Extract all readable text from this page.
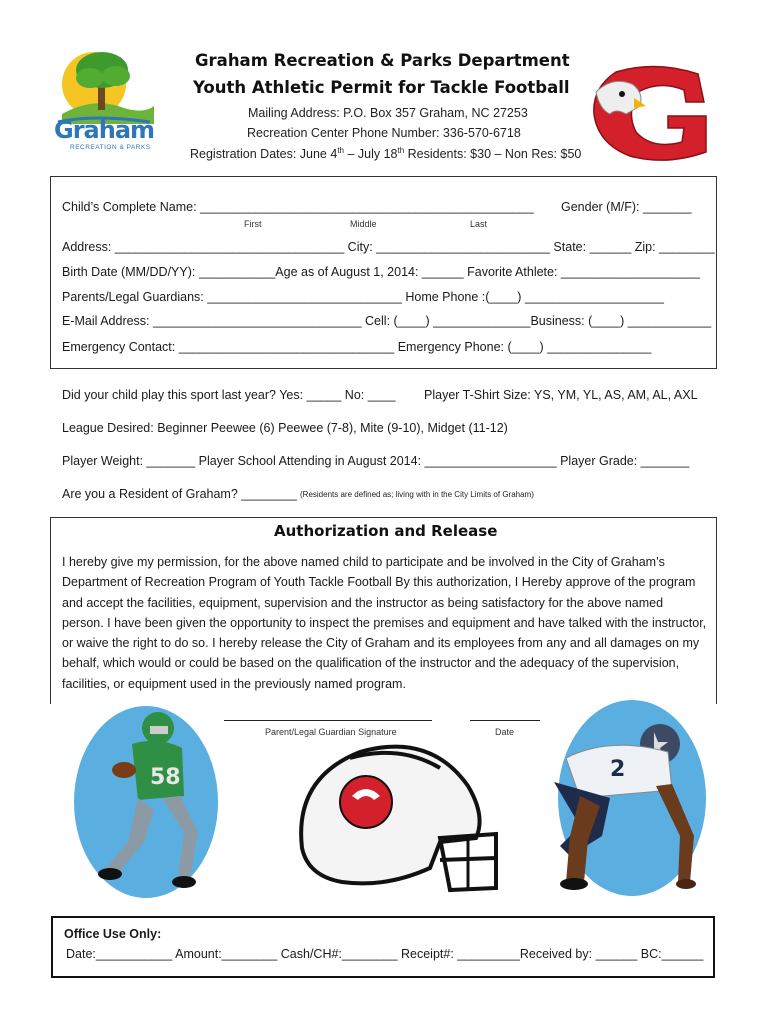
Graham
RECREATION & PARKS
Graham Recreation & Parks Department
Youth Athletic Permit for Tackle Football
Mailing Address: P.O. Box 357 Graham, NC 27253
Recreation Center Phone Number: 336-570-6718
Registration Dates: June 4th – July 18th Residents: $30 – Non Res: $50
Child’s Complete Name: ________________________________________________ Gender (M/F): _______
First	Middle	Last
Address: _________________________________ City: _________________________ State: ______ Zip: ________
Birth Date (MM/DD/YY): ___________Age as of August 1, 2014: ______ Favorite Athlete: ____________________
Parents/Legal Guardians: ____________________________ Home Phone :(____) ____________________
E-Mail Address: ______________________________ Cell: (____) ______________Business: (____) ____________
Emergency Contact: _______________________________ Emergency Phone: (____) _______________
Did your child play this sport last year? Yes: _____ No: ____ Player T-Shirt Size: YS, YM, YL, AS, AM, AL, AXL
League Desired: Beginner Peewee (6) Peewee (7-8), Mite (9-10), Midget (11-12)
Player Weight: _______ Player School Attending in August 2014: ___________________ Player Grade: _______
Are you a Resident of Graham? ________ (Residents are defined as; living with in the City Limits of Graham)
Authorization and Release
I hereby give my permission, for the above named child to participate and be involved in the City of Graham’s Department of Recreation Program of Youth Tackle Football By this authorization, I Hereby approve of the program and accept the facilities, equipment, supervision and the instructor as being satisfactory for the above named person. I have been given the opportunity to inspect the premises and equipment and have talked with the instructor, or waive the right to do so. I hereby release the City of Graham and its employees from any and all damages on my behalf, which would or could be based on the qualification of the instructor and the adequacy of the supervision, facilities, or equipment used in the previously named program.
Parent/Legal Guardian Signature	Date
58	2
Office Use Only:
Date:___________ Amount:________ Cash/CH#:________ Receipt#: _________Received by: ______ BC:______
